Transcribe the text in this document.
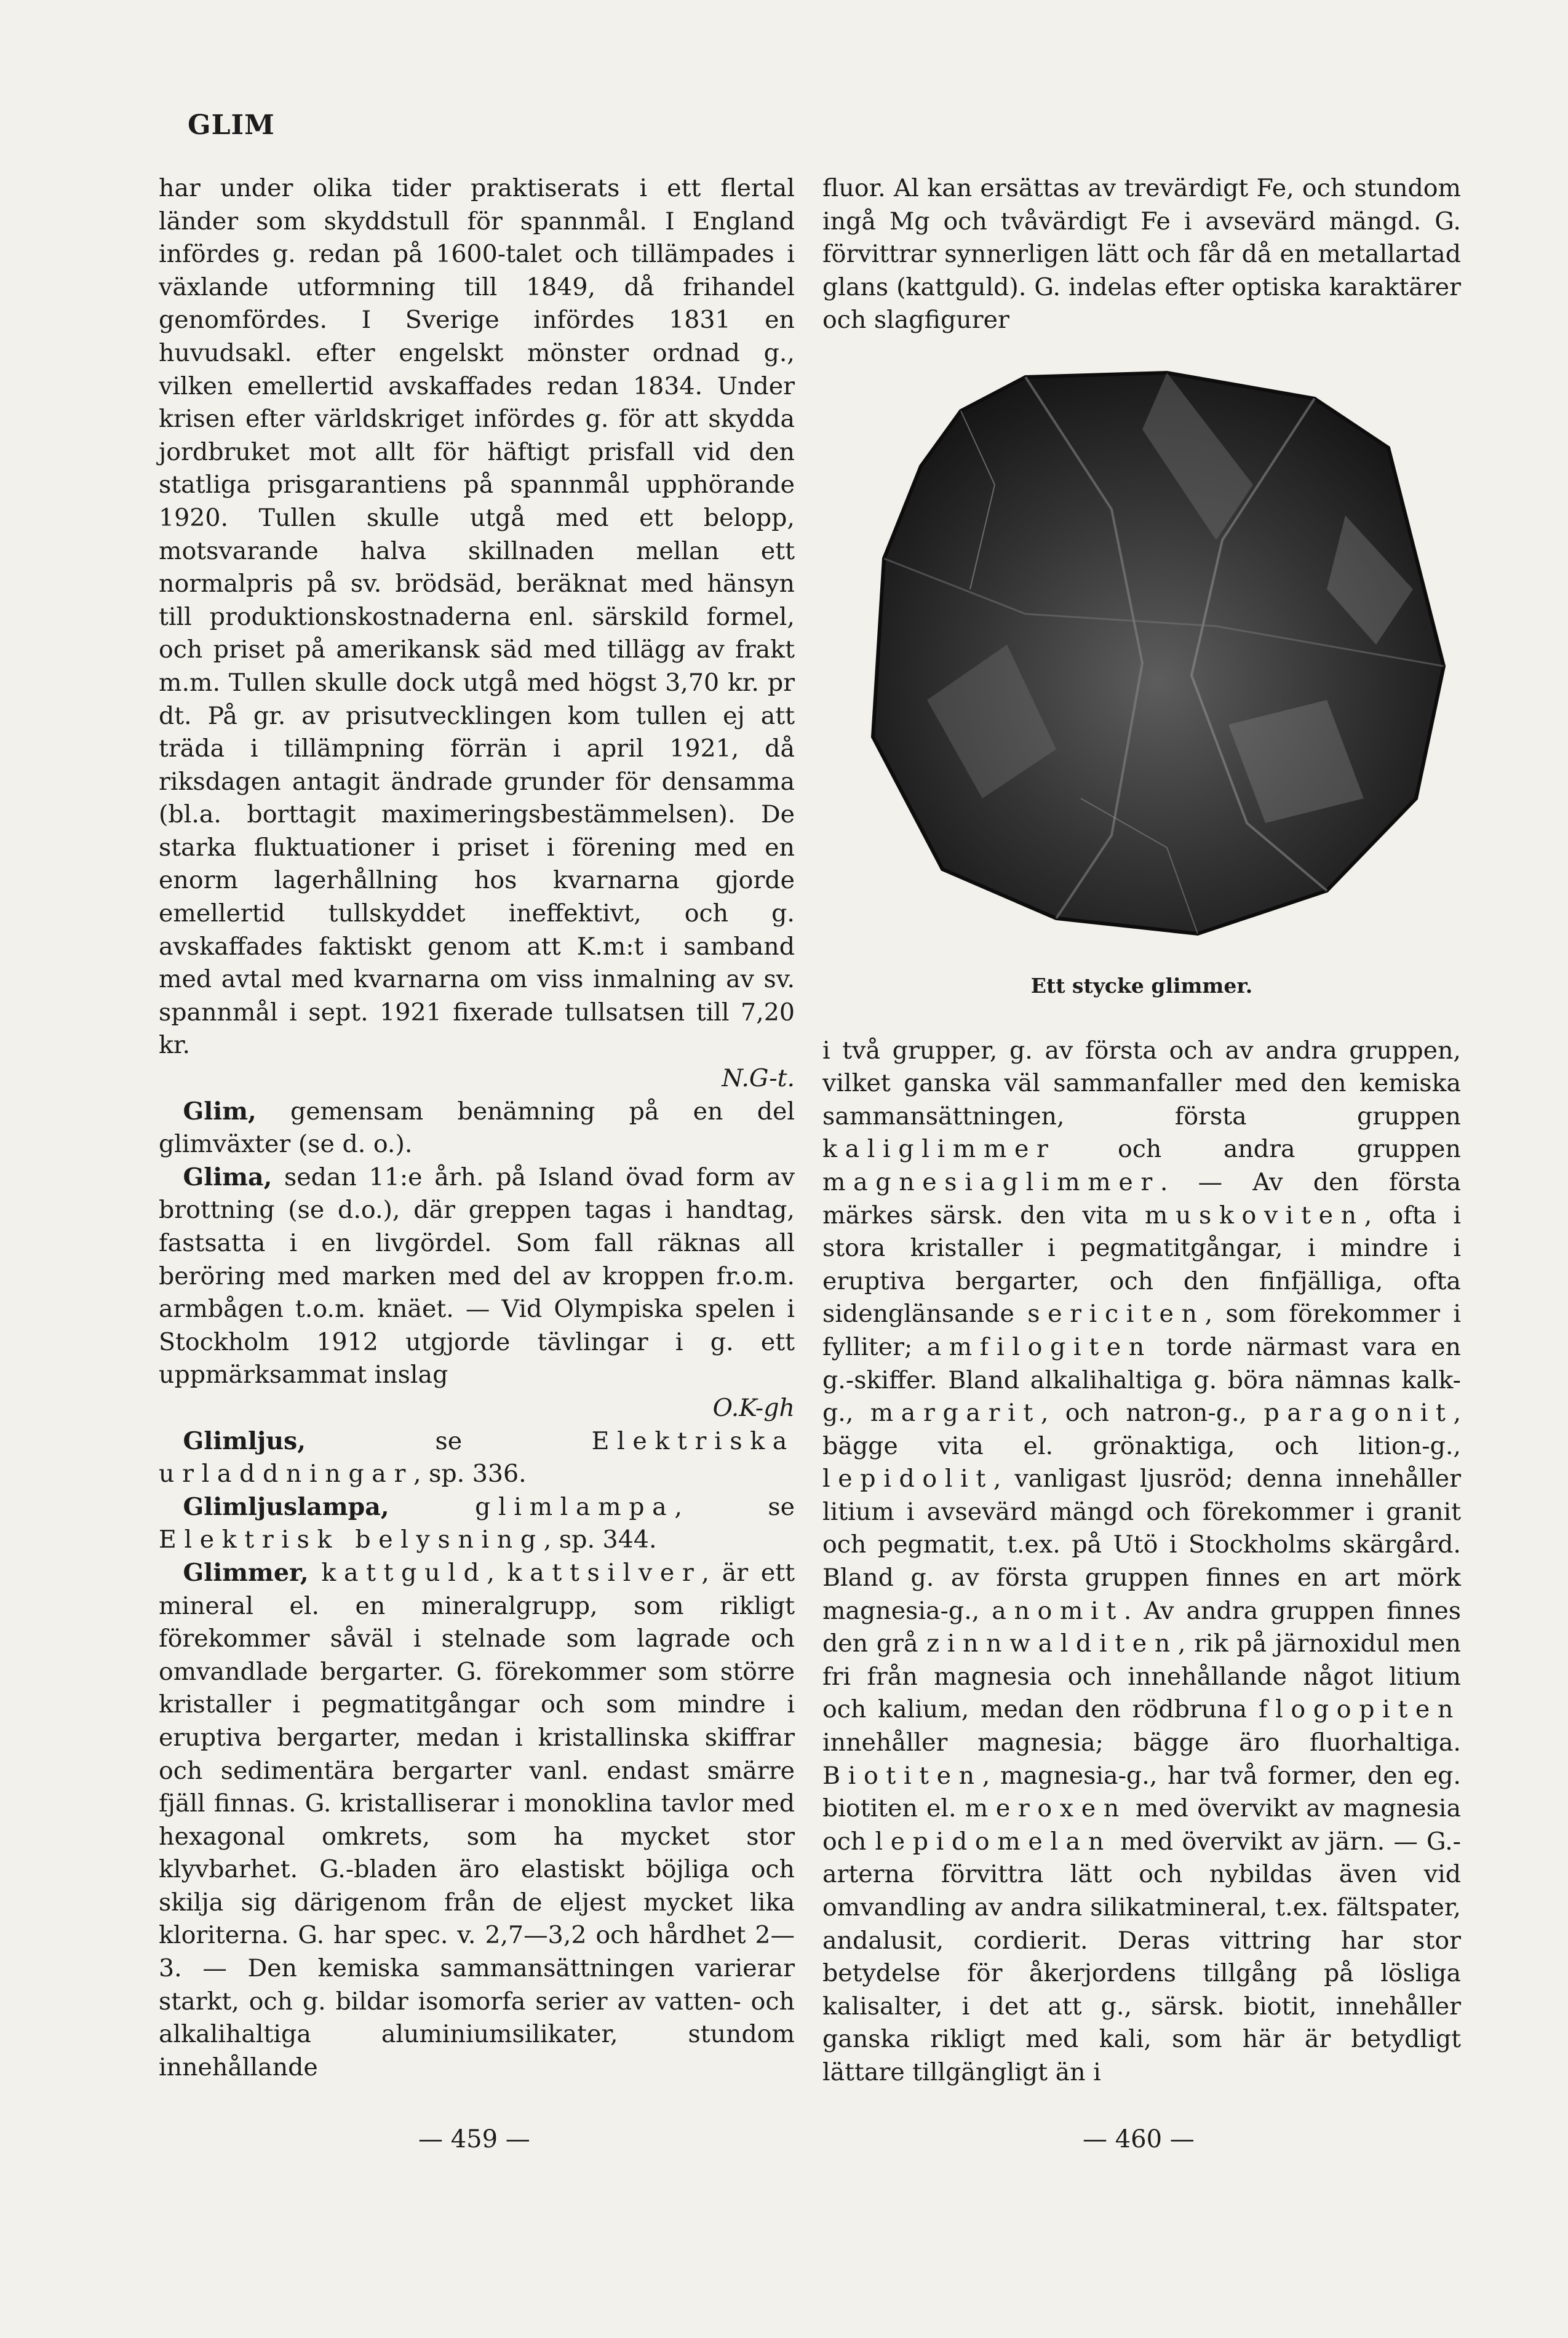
GLIM

har under olika tider praktiserats i ett flertal länder som skyddstull för spannmål. I England infördes g. redan på 1600-talet och tillämpades i växlande utformning till 1849, då frihandel genomfördes. I Sverige infördes 1831 en huvudsakl. efter engelskt mönster ordnad g., vilken emellertid avskaffades redan 1834. Under krisen efter världskriget infördes g. för att skydda jordbruket mot allt för häftigt prisfall vid den statliga prisgarantiens på spannmål upphörande 1920. Tullen skulle utgå med ett belopp, motsvarande halva skillnaden mellan ett normalpris på sv. brödsäd, beräknat med hänsyn till produktionskostnaderna enl. särskild formel, och priset på amerikansk säd med tillägg av frakt m.m. Tullen skulle dock utgå med högst 3,70 kr. pr dt. På gr. av prisutvecklingen kom tullen ej att träda i tillämpning förrän i april 1921, då riksdagen antagit ändrade grunder för densamma (bl.a. borttagit maximeringsbestämmelsen). De starka fluktuationer i priset i förening med en enorm lagerhållning hos kvarnarna gjorde emellertid tullskyddet ineffektivt, och g. avskaffades faktiskt genom att K.m:t i samband med avtal med kvarnarna om viss inmalning av sv. spannmål i sept. 1921 fixerade tullsatsen till 7,20 kr.
N.G-t.

Glim, gemensam benämning på en del glimväxter (se d. o.).

Glima, sedan 11:e årh. på Island övad form av brottning (se d.o.), där greppen tagas i handtag, fastsatta i en livgördel. Som fall räknas all beröring med marken med del av kroppen fr.o.m. armbågen t.o.m. knäet. — Vid Olympiska spelen i Stockholm 1912 utgjorde tävlingar i g. ett uppmärksammat inslag
O.K-gh

Glimljus, se Elektriska urladdningar, sp. 336.

Glimljuslampa,	glimlampa, se Elektrisk belysning, sp. 344.

Glimmer, kattguld, kattsilver, är ett mineral el. en mineralgrupp, som rikligt förekommer såväl i stelnade som lagrade och omvandlade bergarter. G. förekommer som större kristaller i pegmatitgångar och som mindre i eruptiva bergarter, medan i kristallinska skiffrar och sedimentära bergarter vanl. endast smärre fjäll finnas. G. kristalliserar i monoklina tavlor med hexagonal omkrets, som ha mycket stor klyvbarhet. G.-bladen äro elastiskt böjliga och skilja sig därigenom från de eljest mycket lika kloriterna. G. har spec. v. 2,7—3,2 och hårdhet 2—3. — Den kemiska sammansättningen varierar starkt, och g. bildar isomorfa serier av vatten- och alkalihaltiga aluminiumsilikater, stundom innehållande

fluor. Al kan ersättas av trevärdigt Fe, och stundom ingå Mg och tvåvärdigt Fe i avsevärd mängd. G. förvittrar synnerligen lätt och får då en metallartad glans (kattguld). G. indelas efter optiska karaktärer och slagfigurer

Ett stycke glimmer.

i två grupper, g. av första och av andra gruppen, vilket ganska väl sammanfaller med den kemiska sammansättningen, första gruppen kaliglimmer och andra gruppen magnesiaglimmer. — Av den första märkes särsk. den vita muskoviten, ofta i stora kristaller i pegmatitgångar, i mindre i eruptiva bergarter, och den finfjälliga, ofta sidenglänsande sericiten, som förekommer i fylliter; amfilogiten torde närmast vara en g.-skiffer. Bland alkalihaltiga g. böra nämnas kalk-g., margarit, och natron-g., paragonit, bägge vita el. grönaktiga, och lition-g., lepidolit, vanligast ljusröd; denna innehåller litium i avsevärd mängd och förekommer i granit och pegmatit, t.ex. på Utö i Stockholms skärgård. Bland g. av första gruppen finnes en art mörk magnesia-g., anomit. Av andra gruppen finnes den grå zinnwalditen, rik på järnoxidul men fri från magnesia och innehållande något litium och kalium, medan den rödbruna flogopiten innehåller magnesia; bägge äro fluorhaltiga. Biotiten, magnesia-g., har två former, den eg. biotiten el. meroxen med övervikt av magnesia och lepidomelan med övervikt av järn. — G.-arterna förvittra lätt och nybildas även vid omvandling av andra silikatmineral, t.ex. fältspater, andalusit, cordierit. Deras vittring har stor betydelse för åkerjordens tillgång på lösliga kalisalter, i det att g., särsk. biotit, innehåller ganska rikligt med kali, som här är betydligt lättare tillgängligt än i

— 459 —	— 460 —
